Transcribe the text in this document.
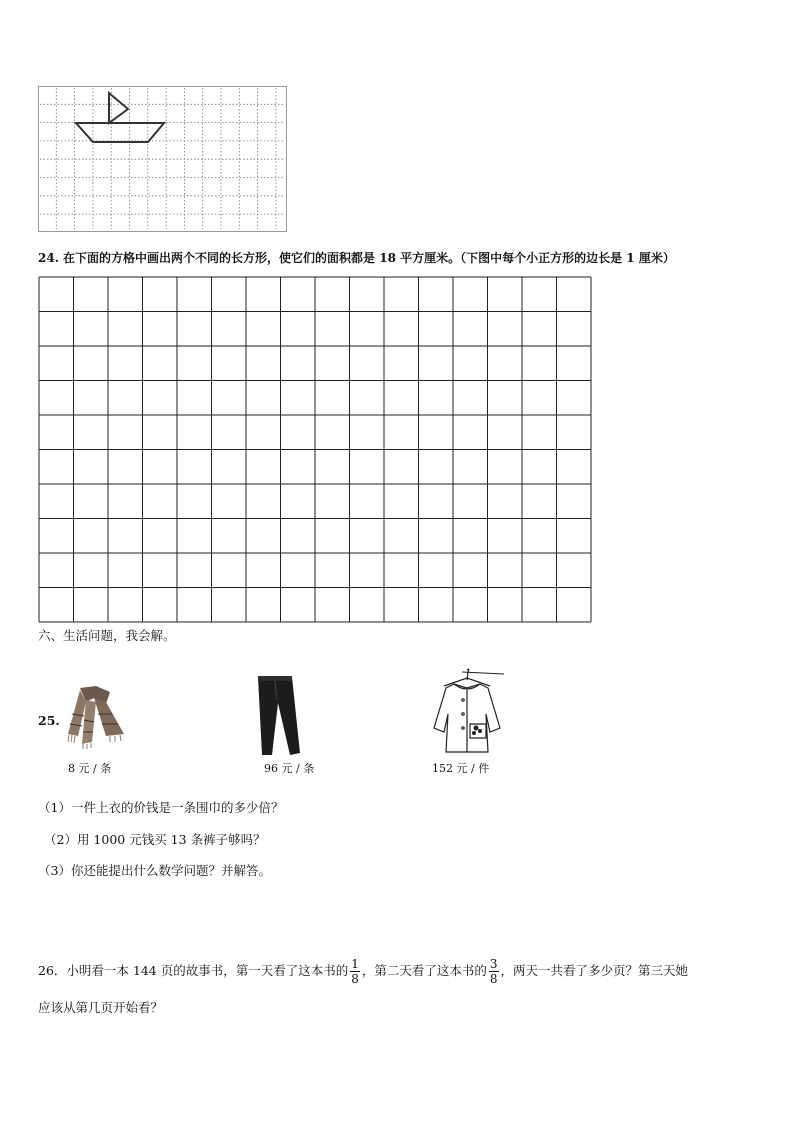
24. 在下面的方格中画出两个不同的长方形，使它们的面积都是 18 平方厘米。（下图中每个小正方形的边长是 1 厘米）
六、生活问题，我会解。
25.
8 元 / 条	96 元 / 条	152 元 / 件
（1）一件上衣的价钱是一条围巾的多少倍？
（2）用 1000 元钱买 13 条裤子够吗？
（3）你还能提出什么数学问题？并解答。
26．小明看一本 144 页的故事书，第一天看了这本书的 $\frac{1}{8}$ ，第二天看了这本书的 $\frac{3}{8}$ ，两天一共看了多少页？第三天她
应该从第几页开始看？
